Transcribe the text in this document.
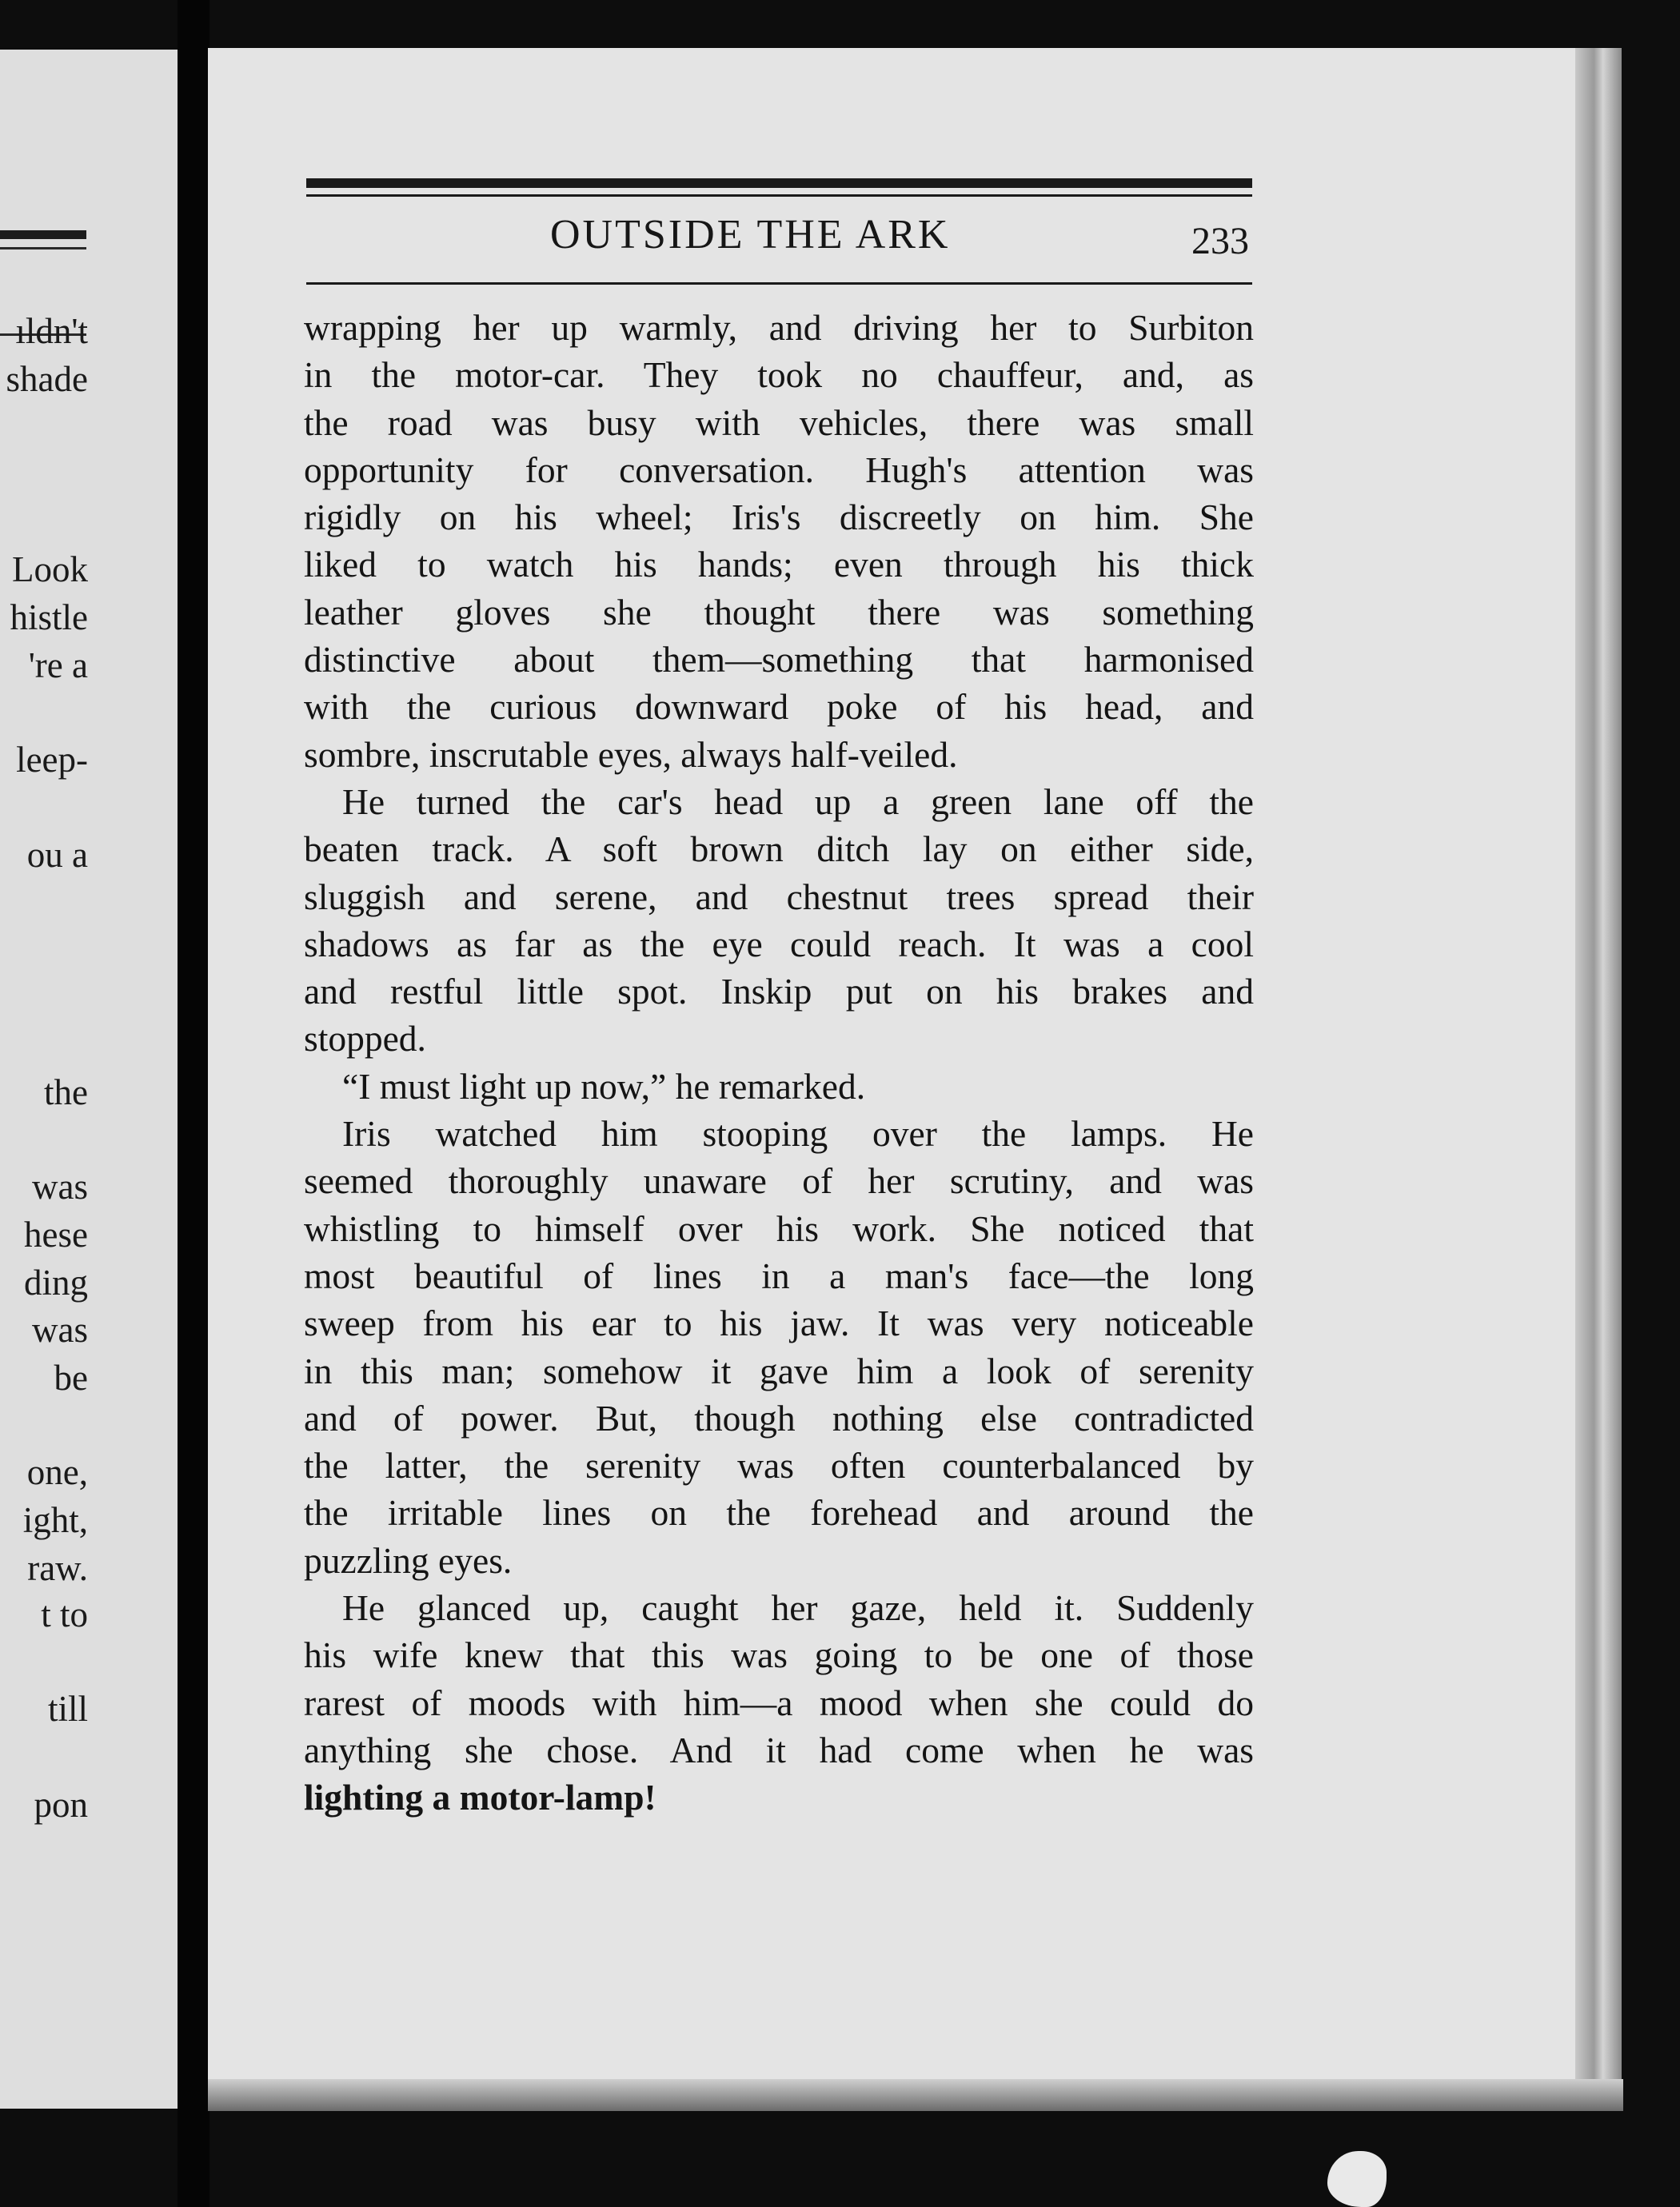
ıldn't
shade
Look
histle
're a
leep-
ou a
the
was
hese
ding
was
be
one,
ight,
raw.
t to
till
pon
OUTSIDE THE ARK	233
wrapping her up warmly, and driving her to Surbiton
in the motor-car. They took no chauffeur, and, as
the road was busy with vehicles, there was small
opportunity for conversation. Hugh's attention was
rigidly on his wheel; Iris's discreetly on him. She
liked to watch his hands; even through his thick
leather gloves she thought there was something
distinctive about them—something that harmonised
with the curious downward poke of his head, and
sombre, inscrutable eyes, always half-veiled.
He turned the car's head up a green lane off the
beaten track. A soft brown ditch lay on either side,
sluggish and serene, and chestnut trees spread their
shadows as far as the eye could reach. It was a cool
and restful little spot. Inskip put on his brakes and
stopped.
“I must light up now,” he remarked.
Iris watched him stooping over the lamps. He
seemed thoroughly unaware of her scrutiny, and was
whistling to himself over his work. She noticed that
most beautiful of lines in a man's face—the long
sweep from his ear to his jaw. It was very noticeable
in this man; somehow it gave him a look of serenity
and of power. But, though nothing else contradicted
the latter, the serenity was often counterbalanced by
the irritable lines on the forehead and around the
puzzling eyes.
He glanced up, caught her gaze, held it. Suddenly
his wife knew that this was going to be one of those
rarest of moods with him—a mood when she could do
anything she chose. And it had come when he was
lighting a motor-lamp!
